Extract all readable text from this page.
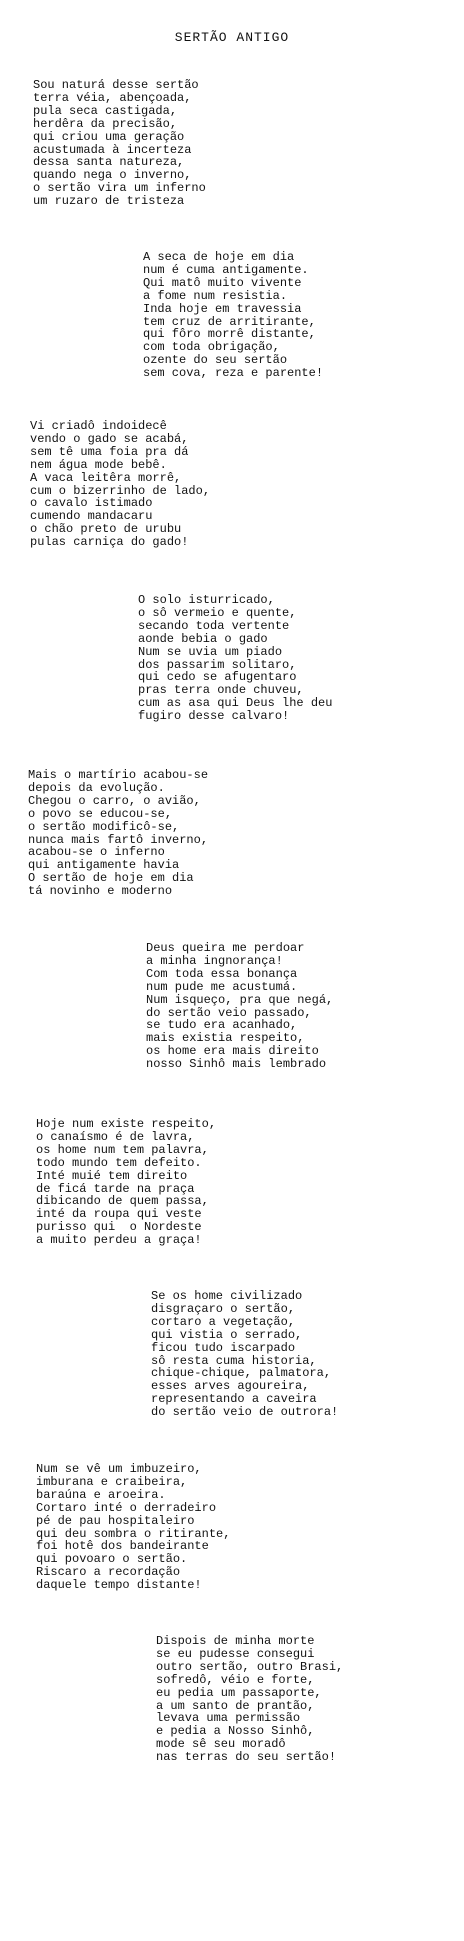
SERTÃO ANTIGO
Sou naturá desse sertão
terra véia, abençoada,
pula seca castigada,
herdêra da precisão,
qui criou uma geração
acustumada à incerteza
dessa santa natureza,
quando nega o inverno,
o sertão vira um inferno
um ruzaro de tristeza
A seca de hoje em dia
num é cuma antigamente.
Qui matô muito vivente
a fome num resistia.
Inda hoje em travessia
tem cruz de arritirante,
qui fôro morrê distante,
com toda obrigação,
ozente do seu sertão
sem cova, reza e parente!
Vi criadô indoidecê
vendo o gado se acabá,
sem tê uma foia pra dá
nem água mode bebê.
A vaca leitêra morrê,
cum o bizerrinho de lado,
o cavalo istimado
cumendo mandacaru
o chão preto de urubu
pulas carniça do gado!
O solo isturricado,
o sô vermeio e quente,
secando toda vertente
aonde bebia o gado
Num se uvia um piado
dos passarim solitaro,
qui cedo se afugentaro
pras terra onde chuveu,
cum as asa qui Deus lhe deu
fugiro desse calvaro!
Mais o martírio acabou-se
depois da evolução.
Chegou o carro, o avião,
o povo se educou-se,
o sertão modificô-se,
nunca mais fartô inverno,
acabou-se o inferno
qui antigamente havia
O sertão de hoje em dia
tá novinho e moderno
Deus queira me perdoar
a minha ingnorança!
Com toda essa bonança
num pude me acustumá.
Num isqueço, pra que negá,
do sertão veio passado,
se tudo era acanhado,
mais existia respeito,
os home era mais direito
nosso Sinhô mais lembrado
Hoje num existe respeito,
o canaísmo é de lavra,
os home num tem palavra,
todo mundo tem defeito.
Inté muié tem direito
de ficá tarde na praça
dibicando de quem passa,
inté da roupa qui veste
purisso qui  o Nordeste
a muito perdeu a graça!
Se os home civilizado
disgraçaro o sertão,
cortaro a vegetação,
qui vistia o serrado,
ficou tudo iscarpado
sô resta cuma historia,
chique-chique, palmatora,
esses arves agoureira,
representando a caveira
do sertão veio de outrora!
Num se vê um imbuzeiro,
imburana e craibeira,
baraúna e aroeira.
Cortaro inté o derradeiro
pé de pau hospitaleiro
qui deu sombra o ritirante,
foi hotê dos bandeirante
qui povoaro o sertão.
Riscaro a recordação
daquele tempo distante!
Dispois de minha morte
se eu pudesse consegui
outro sertão, outro Brasi,
sofredô, véio e forte,
eu pedia um passaporte,
a um santo de prantão,
levava uma permissão
e pedia a Nosso Sinhô,
mode sê seu moradô
nas terras do seu sertão!
